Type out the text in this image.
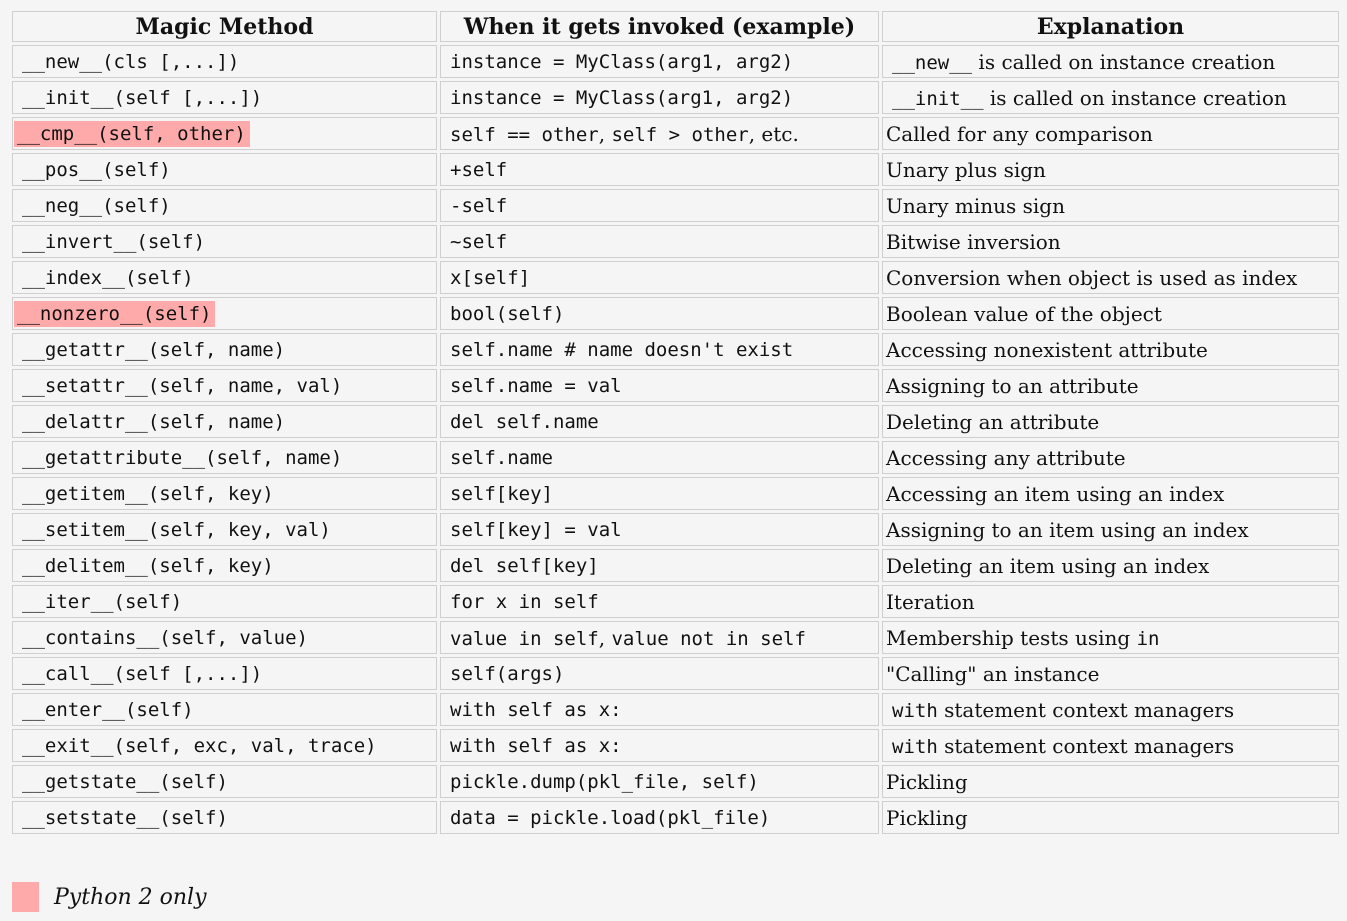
Magic Method	When it gets invoked (example)	Explanation
__new__(cls [,...])	instance = MyClass(arg1, arg2)	__new__ is called on instance creation
__init__(self [,...])	instance = MyClass(arg1, arg2)	__init__ is called on instance creation
__cmp__(self, other)	self == other, self > other, etc.	Called for any comparison
__pos__(self)	+self	Unary plus sign
__neg__(self)	-self	Unary minus sign
__invert__(self)	~self	Bitwise inversion
__index__(self)	x[self]	Conversion when object is used as index
__nonzero__(self)	bool(self)	Boolean value of the object
__getattr__(self, name)	self.name # name doesn't exist	Accessing nonexistent attribute
__setattr__(self, name, val)	self.name = val	Assigning to an attribute
__delattr__(self, name)	del self.name	Deleting an attribute
__getattribute__(self, name)	self.name	Accessing any attribute
__getitem__(self, key)	self[key]	Accessing an item using an index
__setitem__(self, key, val)	self[key] = val	Assigning to an item using an index
__delitem__(self, key)	del self[key]	Deleting an item using an index
__iter__(self)	for x in self	Iteration
__contains__(self, value)	value in self, value not in self	Membership tests using in
__call__(self [,...])	self(args)	"Calling" an instance
__enter__(self)	with self as x:	with statement context managers
__exit__(self, exc, val, trace)	with self as x:	with statement context managers
__getstate__(self)	pickle.dump(pkl_file, self)	Pickling
__setstate__(self)	data = pickle.load(pkl_file)	Pickling
Python 2 only
